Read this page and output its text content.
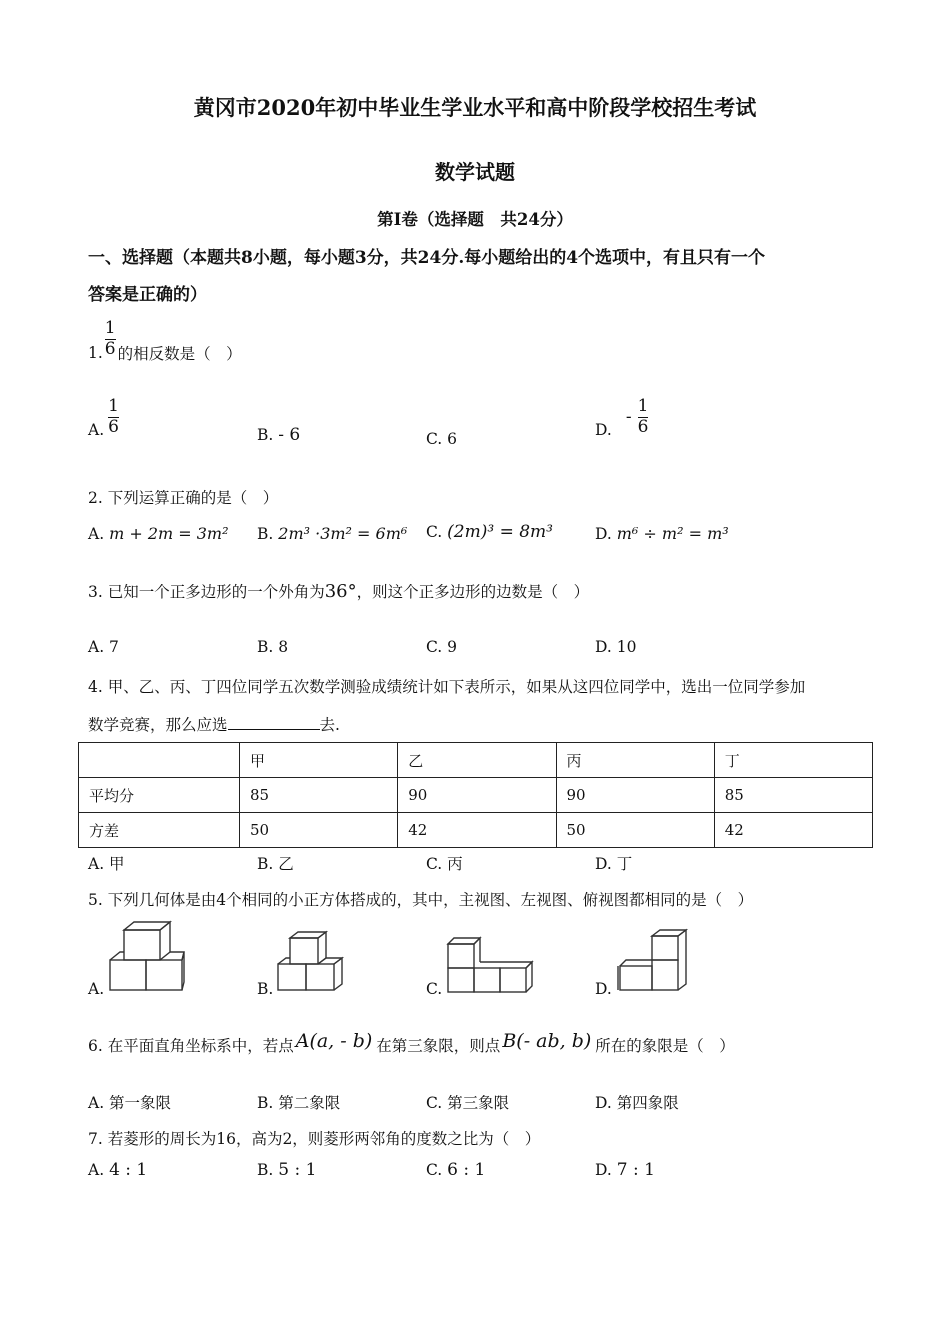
黄冈市2020年初中毕业生学业水平和高中阶段学校招生考试
数学试题
第Ⅰ卷（选择题　共24分）
一、选择题（本题共8小题，每小题3分，共24分.每小题给出的4个选项中，有且只有一个
答案是正确的）
1. $\frac{1}{6}$ 的相反数是（　）
A. $\frac{1}{6}$	B. - 6	C. 6
D.
- $\frac{1}{6}$
2. 下列运算正确的是（　）
A. m + 2m = 3m² B. 2m³ ·3m² = 6m⁶ C. (2m)³ = 8m³	D. m⁶ ÷ m² = m³
3. 已知一个正多边形的一个外角为36°，则这个正多边形的边数是（　）
A. 7	B. 8	C. 9	D. 10
4. 甲、乙、丙、丁四位同学五次数学测验成绩统计如下表所示，如果从这四位同学中，选出一位同学参加
数学竞赛，那么应选	去.
	甲	乙	丙	丁
平均分	85	90	90	85
方差	50	42	50	42
A. 甲	B. 乙	C. 丙	D. 丁
5. 下列几何体是由4个相同的小正方体搭成的，其中，主视图、左视图、俯视图都相同的是（　）
A.	B.	C.	D.
6. 在平面直角坐标系中，若点 A(a, - b) 在第三象限，则点 B(- ab, b) 所在的象限是（　）
A. 第一象限	B. 第二象限	C. 第三象限	D. 第四象限
7. 若菱形的周长为16，高为2，则菱形两邻角的度数之比为（　）
A. 4 : 1	B. 5 : 1	C. 6 : 1	D. 7 : 1
